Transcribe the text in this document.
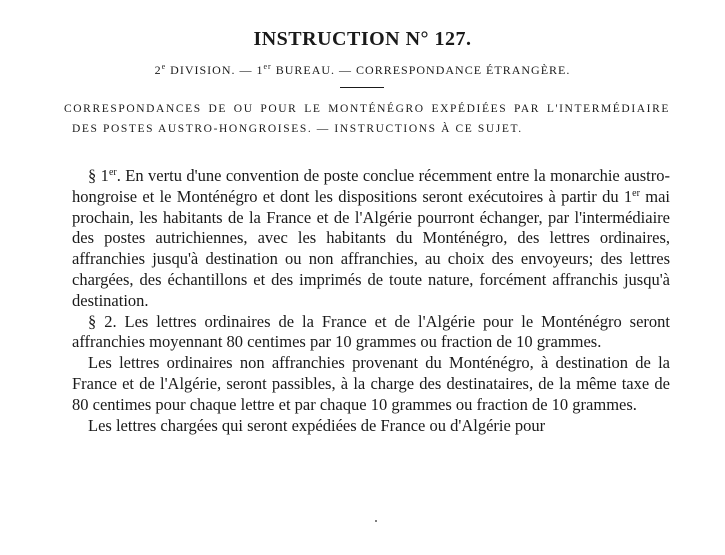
INSTRUCTION N° 127.
2e DIVISION. — 1er BUREAU. — CORRESPONDANCE ÉTRANGÈRE.
CORRESPONDANCES DE OU POUR LE MONTÉNÉGRO EXPÉDIÉES PAR L'INTERMÉDIAIRE DES POSTES AUSTRO-HONGROISES. — INSTRUCTIONS À CE SUJET.

§ 1er. En vertu d'une convention de poste conclue récemment entre la monarchie austro-hongroise et le Monténégro et dont les dispositions seront exécutoires à partir du 1er mai prochain, les habitants de la France et de l'Algérie pourront échanger, par l'intermédiaire des postes autrichiennes, avec les habitants du Monténégro, des lettres ordinaires, affranchies jusqu'à destination ou non affranchies, au choix des envoyeurs; des lettres chargées, des échantillons et des imprimés de toute nature, forcément affranchis jusqu'à destination.

§ 2. Les lettres ordinaires de la France et de l'Algérie pour le Monténégro seront affranchies moyennant 80 centimes par 10 grammes ou fraction de 10 grammes.

Les lettres ordinaires non affranchies provenant du Monténégro, à destination de la France et de l'Algérie, seront passibles, à la charge des destinataires, de la même taxe de 80 centimes pour chaque lettre et par chaque 10 grammes ou fraction de 10 grammes.

Les lettres chargées qui seront expédiées de France ou d'Algérie pour
